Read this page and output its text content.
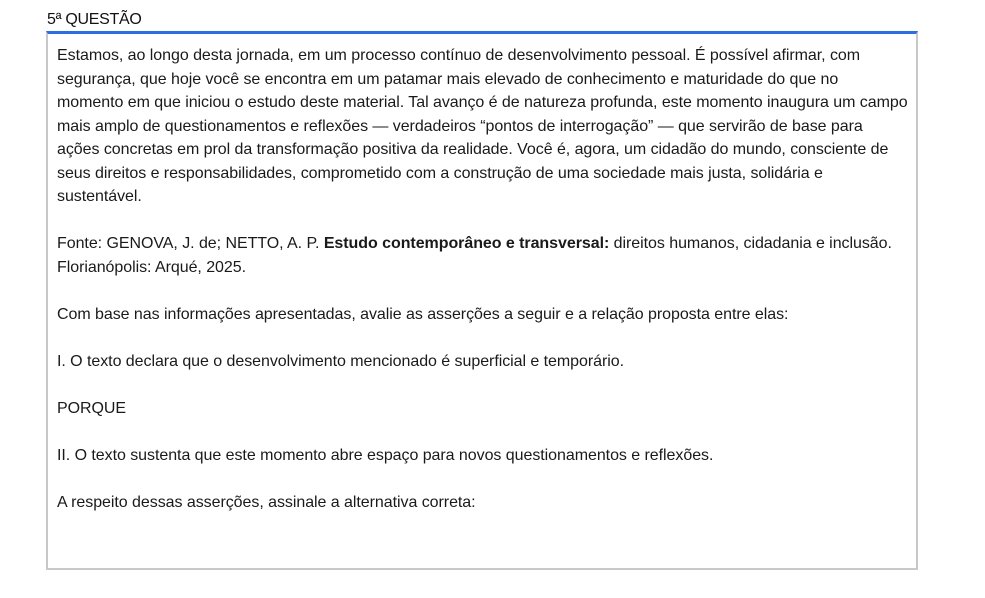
5ª QUESTÃO

Estamos, ao longo desta jornada, em um processo contínuo de desenvolvimento pessoal. É possível afirmar, com segurança, que hoje você se encontra em um patamar mais elevado de conhecimento e maturidade do que no momento em que iniciou o estudo deste material. Tal avanço é de natureza profunda, este momento inaugura um campo mais amplo de questionamentos e reflexões — verdadeiros “pontos de interrogação” — que servirão de base para ações concretas em prol da transformação positiva da realidade. Você é, agora, um cidadão do mundo, consciente de seus direitos e responsabilidades, comprometido com a construção de uma sociedade mais justa, solidária e sustentável.

Fonte: GENOVA, J. de; NETTO, A. P. Estudo contemporâneo e transversal: direitos humanos, cidadania e inclusão. Florianópolis: Arqué, 2025.

Com base nas informações apresentadas, avalie as asserções a seguir e a relação proposta entre elas:

I. O texto declara que o desenvolvimento mencionado é superficial e temporário.

PORQUE

II. O texto sustenta que este momento abre espaço para novos questionamentos e reflexões.

A respeito dessas asserções, assinale a alternativa correta:
